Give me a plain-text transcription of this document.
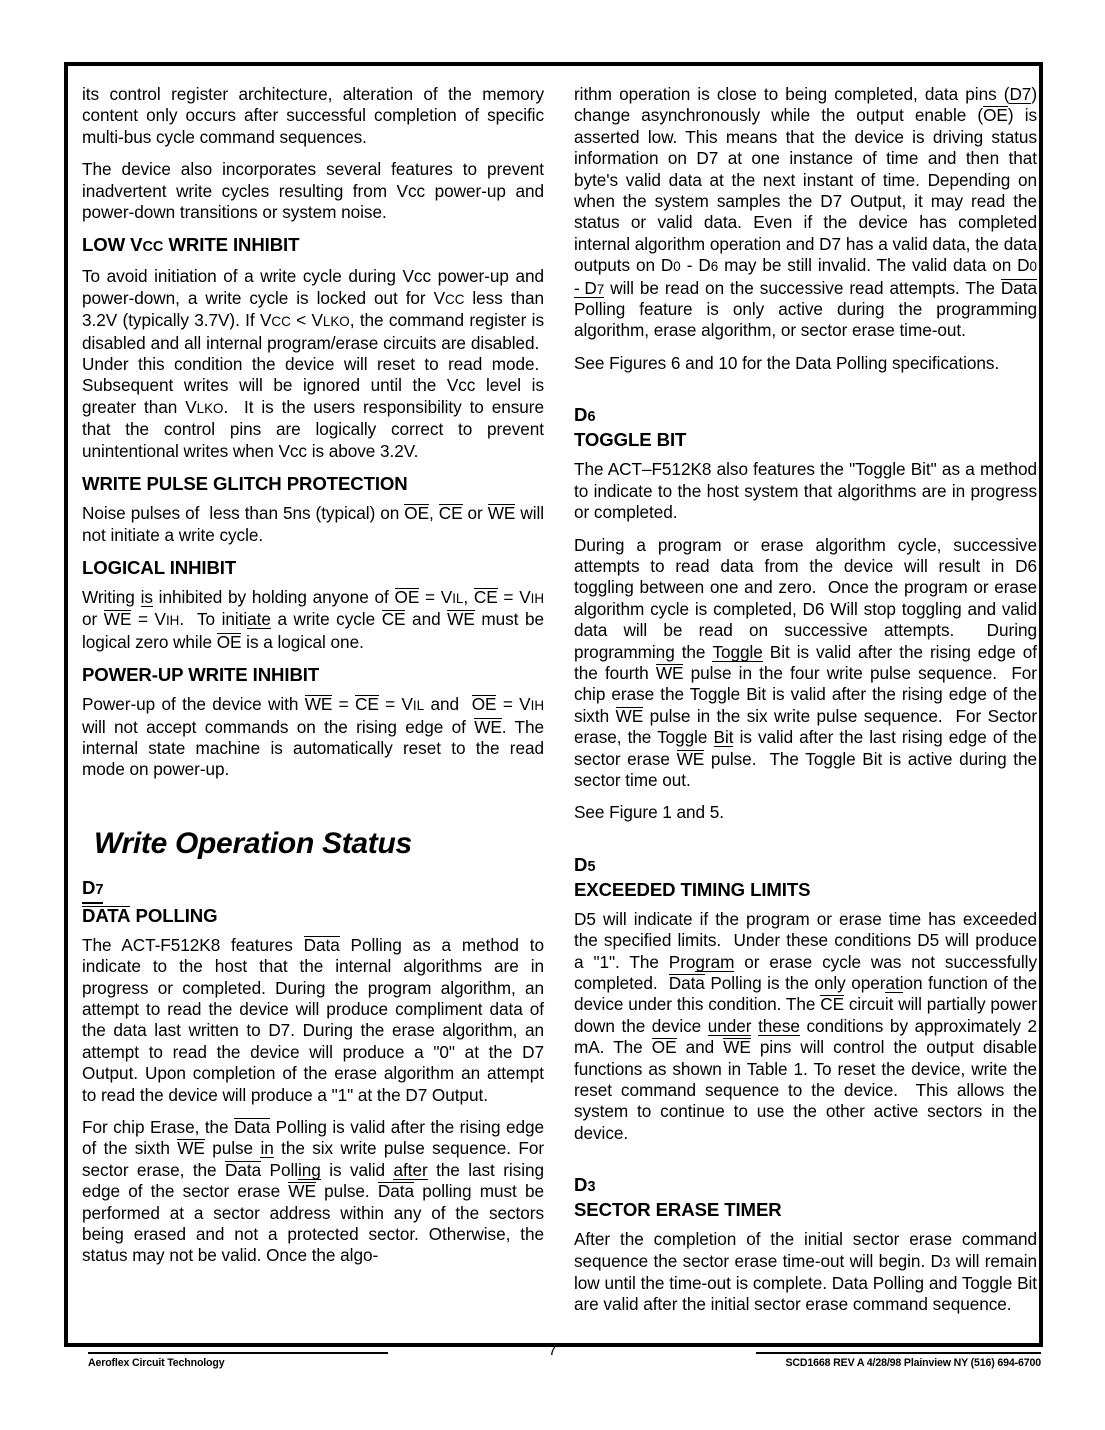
its control register architecture, alteration of the memory content only occurs after successful completion of specific multi-bus cycle command sequences.

The device also incorporates several features to prevent inadvertent write cycles resulting from Vcc power-up and power-down transitions or system noise.

LOW VCC WRITE INHIBIT

To avoid initiation of a write cycle during Vcc power-up and power-down, a write cycle is locked out for VCC less than 3.2V (typically 3.7V). If VCC < VLKO, the command register is disabled and all internal program/erase circuits are disabled.  Under this condition the device will reset to read mode.  Subsequent writes will be ignored until the Vcc level is greater than VLKO.  It is the users responsibility to ensure that the control pins are logically correct to prevent unintentional writes when Vcc is above 3.2V.

WRITE PULSE GLITCH PROTECTION

Noise pulses of  less than 5ns (typical) on OE, CE or WE will not initiate a write cycle.

LOGICAL INHIBIT

Writing is inhibited by holding anyone of OE = VIL, CE = VIH or WE = VIH.  To initiate a write cycle CE and WE must be logical zero while OE is a logical one.

POWER-UP WRITE INHIBIT

Power-up of the device with WE = CE = VIL and  OE = VIH will not accept commands on the rising edge of WE. The internal state machine is automatically reset to the read mode on power-up.

Write Operation Status
D7
DATA POLLING

The ACT-F512K8 features Data Polling as a method to indicate to the host that the internal algorithms are in progress or completed. During the program algorithm, an attempt to read the device will produce compliment data of the data last written to D7. During the erase algorithm, an attempt to read the device will produce a "0" at the D7 Output. Upon completion of the erase algorithm an attempt to read the device will produce a "1" at the D7 Output.

For chip Erase, the Data Polling is valid after the rising edge of the sixth WE pulse in the six write pulse sequence. For sector erase, the Data Polling is valid after the last rising edge of the sector erase WE pulse. Data polling must be performed at a sector address within any of the sectors being erased and not a protected sector. Otherwise, the status may not be valid. Once the algo-

rithm operation is close to being completed, data pins (D7) change asynchronously while the output enable (OE) is asserted low. This means that the device is driving status information on D7 at one instance of time and then that byte's valid data at the next instant of time. Depending on when the system samples the D7 Output, it may read the status or valid data. Even if the device has completed internal algorithm operation and D7 has a valid data, the data outputs on D0 - D6 may be still invalid. The valid data on D0 - D7 will be read on the successive read attempts. The Data Polling feature is only active during the programming algorithm, erase algorithm, or sector erase time-out.

See Figures 6 and 10 for the Data Polling specifications.

D6
TOGGLE BIT

The ACT–F512K8 also features the "Toggle Bit" as a method to indicate to the host system that algorithms are in progress or completed.

During a program or erase algorithm cycle, successive attempts to read data from the device will result in D6 toggling between one and zero.  Once the program or erase algorithm cycle is completed, D6 Will stop toggling and valid data will be read on successive attempts.  During programming the Toggle Bit is valid after the rising edge of the fourth WE pulse in the four write pulse sequence.  For chip erase the Toggle Bit is valid after the rising edge of the sixth WE pulse in the six write pulse sequence.  For Sector erase, the Toggle Bit is valid after the last rising edge of the sector erase WE pulse.  The Toggle Bit is active during the sector time out.

See Figure 1 and 5.

D5
EXCEEDED TIMING LIMITS

D5 will indicate if the program or erase time has exceeded the specified limits.  Under these conditions D5 will produce a "1". The Program or erase cycle was not successfully completed.  Data Polling is the only operation function of the device under this condition. The CE circuit will partially power down the device under these conditions by approximately 2 mA. The OE and WE pins will control the output disable functions as shown in Table 1. To reset the device, write the reset command sequence to the device.  This allows the system to continue to use the other active sectors in the device.

D3
SECTOR ERASE TIMER

After the completion of the initial sector erase command sequence the sector erase time-out will begin. D3 will remain low until the time-out is complete. Data Polling and Toggle Bit are valid after the initial sector erase command sequence.

Aeroflex Circuit Technology
7
SCD1668 REV A 4/28/98 Plainview NY (516) 694-6700
